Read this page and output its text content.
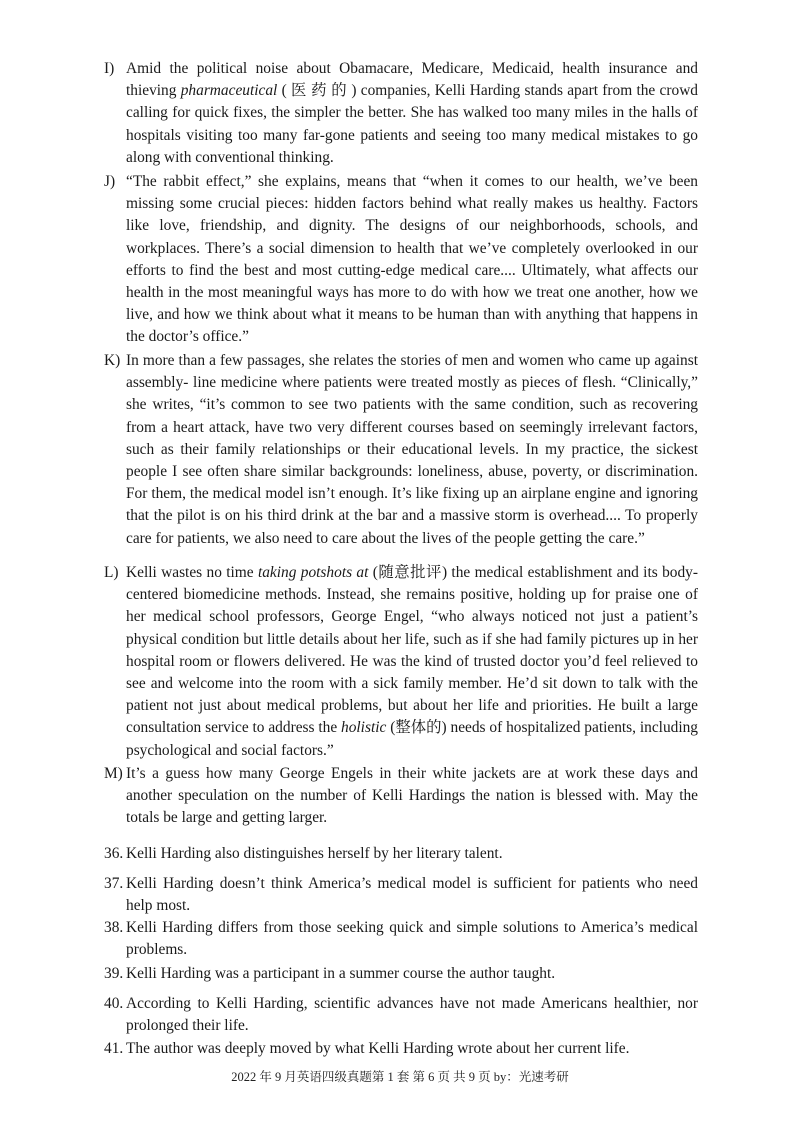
I) Amid the political noise about Obamacare, Medicare, Medicaid, health insurance and thieving pharmaceutical ( 医 药 的 ) companies, Kelli Harding stands apart from the crowd calling for quick fixes, the simpler the better. She has walked too many miles in the halls of hospitals visiting too many far-gone patients and seeing too many medical mistakes to go along with conventional thinking.
J) “The rabbit effect,” she explains, means that “when it comes to our health, we’ve been missing some crucial pieces: hidden factors behind what really makes us healthy. Factors like love, friendship, and dignity. The designs of our neighborhoods, schools, and workplaces. There’s a social dimension to health that we’ve completely overlooked in our efforts to find the best and most cutting-edge medical care.... Ultimately, what affects our health in the most meaningful ways has more to do with how we treat one another, how we live, and how we think about what it means to be human than with anything that happens in the doctor’s office.”
K) In more than a few passages, she relates the stories of men and women who came up against assembly- line medicine where patients were treated mostly as pieces of flesh. “Clinically,” she writes, “it’s common to see two patients with the same condition, such as recovering from a heart attack, have two very different courses based on seemingly irrelevant factors, such as their family relationships or their educational levels. In my practice, the sickest people I see often share similar backgrounds: loneliness, abuse, poverty, or discrimination. For them, the medical model isn’t enough. It’s like fixing up an airplane engine and ignoring that the pilot is on his third drink at the bar and a massive storm is overhead.... To properly care for patients, we also need to care about the lives of the people getting the care.”
L) Kelli wastes no time taking potshots at (随意批评) the medical establishment and its body-centered biomedicine methods. Instead, she remains positive, holding up for praise one of her medical school professors, George Engel, “who always noticed not just a patient’s physical condition but little details about her life, such as if she had family pictures up in her hospital room or flowers delivered. He was the kind of trusted doctor you’d feel relieved to see and welcome into the room with a sick family member. He’d sit down to talk with the patient not just about medical problems, but about her life and priorities. He built a large consultation service to address the holistic (整体的) needs of hospitalized patients, including psychological and social factors.”
M) It’s a guess how many George Engels in their white jackets are at work these days and another speculation on the number of Kelli Hardings the nation is blessed with. May the totals be large and getting larger.
36. Kelli Harding also distinguishes herself by her literary talent.
37. Kelli Harding doesn’t think America’s medical model is sufficient for patients who need help most.
38. Kelli Harding differs from those seeking quick and simple solutions to America’s medical problems.
39. Kelli Harding was a participant in a summer course the author taught.
40. According to Kelli Harding, scientific advances have not made Americans healthier, nor prolonged their life.
41. The author was deeply moved by what Kelli Harding wrote about her current life.
2022 年 9 月英语四级真题第 1 套 第 6 页 共 9 页 by：光速考研
